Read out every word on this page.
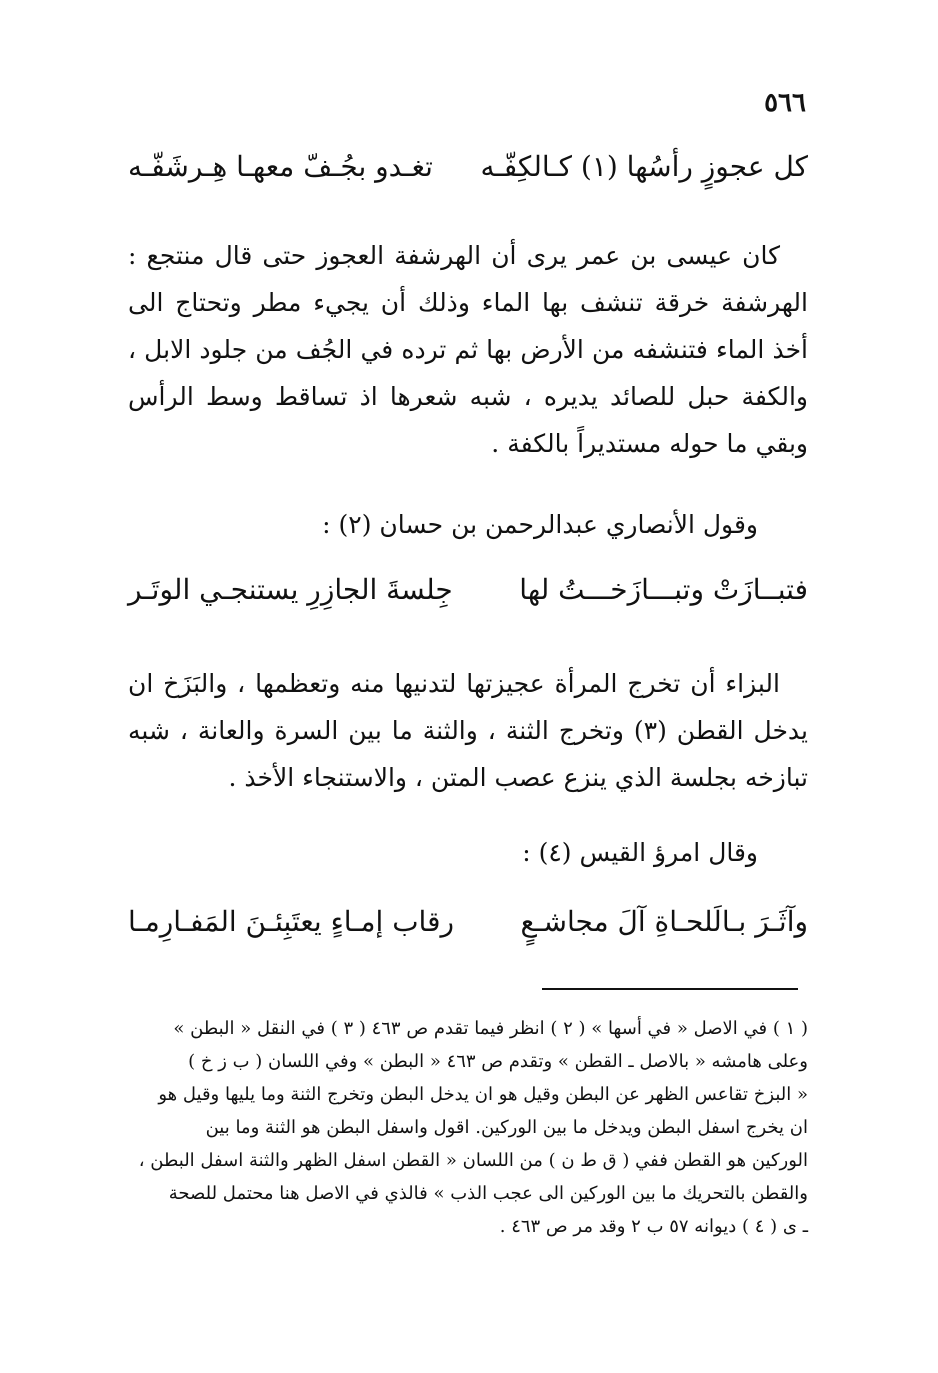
٥٦٦
كل عجوزٍ رأسُها (١) كـالكِفّـه
تغـدو بجُـفّ معهـا هِـرشَفّـه

كان عيسى بن عمر يرى أن الهرشفة العجوز حتى قال منتجع : الهرشفة خرقة تنشف بها الماء وذلك أن يجيء مطر وتحتاج الى أخذ الماء فتنشفه من الأرض بها ثم ترده في الجُف من جلود الابل ، والكفة حبل للصائد يديره ، شبه شعرها اذ تساقط وسط الرأس وبقي ما حوله مستديراً بالكفة .

وقول الأنصاري عبدالرحمن بن حسان (٢) :
فتبــازَتْ وتبـــازَخـــتُ لها
جِلسةَ الجازِرِ يستنجـي الوتَـر

البزاء أن تخرج المرأة عجيزتها لتدنيها منه وتعظمها ، والبَزَخ ان يدخل القطن (٣) وتخرج الثنة ، والثنة ما بين السرة والعانة ، شبه تبازخه بجلسة الذي ينزع عصب المتن ، والاستنجاء الأخذ .

وقال امرؤ القيس (٤) :
وآثَـرَ بـالَلحـاةِ آلَ مجاشـعٍ
رقاب إمـاءٍ يعتَبِئـنَ المَفـارِمـا
( ١ ) في الاصل « في أسها » ( ٢ ) انظر فيما تقدم ص ٤٦٣ ( ٣ ) في النقل « البطن »
وعلى هامشه « بالاصل ـ القطن » وتقدم ص ٤٦٣ « البطن » وفي اللسان ( ب ز خ )
« البزخ تقاعس الظهر عن البطن وقيل هو ان يدخل البطن وتخرج الثنة وما يليها وقيل هو
ان يخرج اسفل البطن ويدخل ما بين الوركين. اقول واسفل البطن هو الثنة وما بين
الوركين هو القطن ففي ( ق ط ن ) من اللسان « القطن اسفل الظهر والثنة اسفل البطن ،
والقطن بالتحريك ما بين الوركين الى عجب الذب » فالذي في الاصل هنا محتمل للصحة
ـ ى ( ٤ ) ديوانه ٥٧ ب ٢ وقد مر ص ٤٦٣ .
